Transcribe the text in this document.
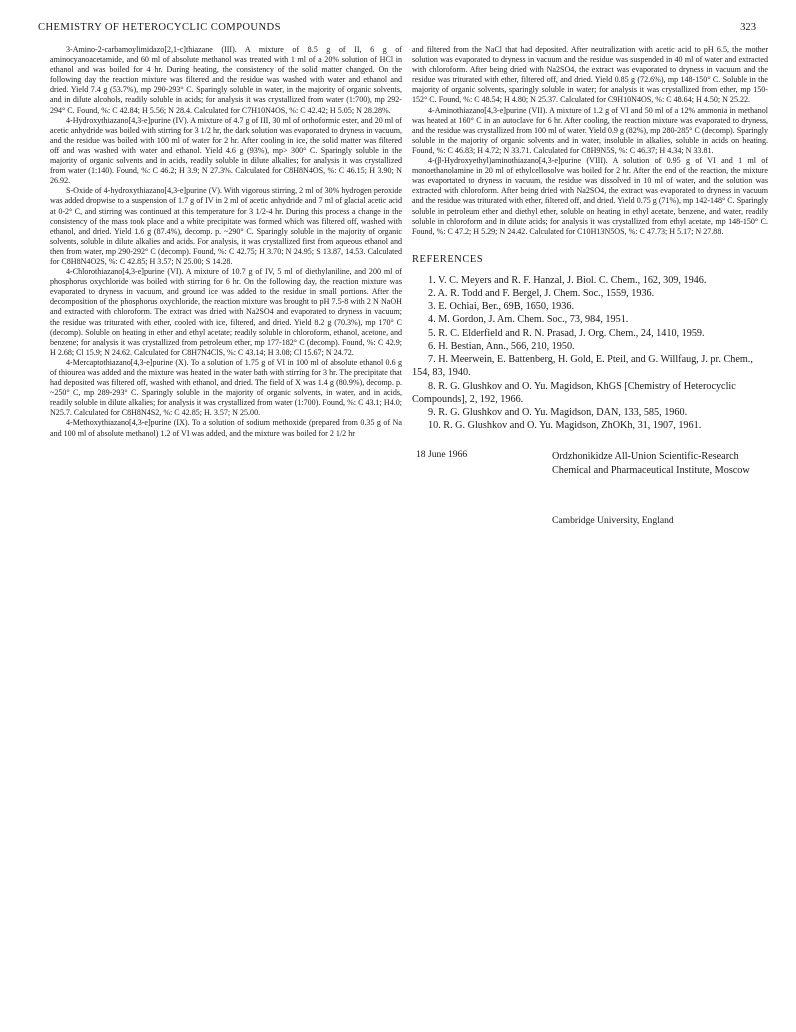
CHEMISTRY OF HETEROCYCLIC COMPOUNDS	323

3-Amino-2-carbamoylimidazo[2,1-c]thiazane (III). A mixture of 8.5 g of II, 6 g of aminocyanoacetamide, and 60 ml of absolute methanol was treated with 1 ml of a 20% solution of HCl in ethanol and was boiled for 4 hr. During heating, the consistency of the solid matter changed. On the following day the reaction mixture was filtered and the residue was washed with water and ethanol and dried. Yield 7.4 g (53.7%), mp 290-293° C. Sparingly soluble in water, in the majority of organic solvents, and in dilute alcohols, readily soluble in acids; for analysis it was crystallized from water (1:700), mp 292-294° C. Found, %: C 42.84; H 5.56; N 28.4. Calculated for C7H10N4OS, %: C 42.42; H 5.05; N 28.28%.

4-Hydroxythiazano[4,3-e]purine (IV). A mixture of 4.7 g of III, 30 ml of orthoformic ester, and 20 ml of acetic anhydride was boiled with stirring for 3 1/2 hr, the dark solution was evaporated to dryness in vacuum, and the residue was boiled with 100 ml of water for 2 hr. After cooling in ice, the solid matter was filtered off and was washed with water and ethanol. Yield 4.6 g (93%), mp> 300° C. Sparingly soluble in the majority of organic solvents and in acids, readily soluble in dilute alkalies; for analysis it was crystallized from water (1:140). Found, %: C 46.2; H 3.9; N 27.3%. Calculated for C8H8N4OS, %: C 46.15; H 3.90; N 26.92.

S-Oxide of 4-hydroxythiazano[4,3-e]purine (V). With vigorous stirring, 2 ml of 30% hydrogen peroxide was added dropwise to a suspension of 1.7 g of IV in 2 ml of acetic anhydride and 7 ml of glacial acetic acid at 0-2° C, and stirring was continued at this temperature for 3 1/2-4 hr. During this process a change in the consistency of the mass took place and a white precipitate was formed which was filtered off, washed with ethanol, and dried. Yield 1.6 g (87.4%), decomp. p. ~290° C. Sparingly soluble in the majority of organic solvents, soluble in dilute alkalies and acids. For analysis, it was crystallized first from aqueous ethanol and then from water, mp 290-292° C (decomp). Found, %: C 42.75; H 3.70; N 24.95; S 13.87, 14.53. Calculated for C8H8N4O2S, %: C 42.85; H 3.57; N 25.00; S 14.28.

4-Chlorothiazano[4,3-e]purine (VI). A mixture of 10.7 g of IV, 5 ml of diethylaniline, and 200 ml of phosphorus oxychloride was boiled with stirring for 6 hr. On the following day, the reaction mixture was evaporated to dryness in vacuum, and ground ice was added to the residue in small portions. After the decomposition of the phosphorus oxychloride, the reaction mixture was brought to pH 7.5-8 with 2 N NaOH and extracted with chloroform. The extract was dried with Na2SO4 and evaporated to dryness in vacuum; the residue was triturated with ether, cooled with ice, filtered, and dried. Yield 8.2 g (70.3%), mp 170° C (decomp). Soluble on heating in ether and ethyl acetate; readily soluble in chloroform, ethanol, acetone, and benzene; for analysis it was crystallized from petroleum ether, mp 177-182° C (decomp). Found, %: C 42.9; H 2.68; Cl 15.9; N 24.62. Calculated for C8H7N4ClS, %: C 43.14; H 3.08; Cl 15.67; N 24.72.

4-Mercaptothiazano[4,3-e]purine (X). To a solution of 1.75 g of VI in 100 ml of absolute ethanol 0.6 g of thiourea was added and the mixture was heated in the water bath with stirring for 3 hr. The precipitate that had deposited was filtered off, washed with ethanol, and dried. The field of X was 1.4 g (80.9%), decomp. p. ~250° C, mp 289-293° C. Sparingly soluble in the majority of organic solvents, in water, and in acids, readily soluble in dilute alkalies; for analysis it was crystallized from water (1:700). Found, %: C 43.1; H4.0; N25.7. Calculated for C8H8N4S2, %: C 42.85; H. 3.57; N 25.00.

4-Methoxythiazano[4,3-e]purine (IX). To a solution of sodium methoxide (prepared from 0.35 g of Na and 100 ml of absolute methanol) 1.2 of VI was added, and the mixture was boiled for 2 1/2 hr

and filtered from the NaCl that had deposited. After neutralization with acetic acid to pH 6.5, the mother solution was evaporated to dryness in vacuum and the residue was suspended in 40 ml of water and extracted with chloroform. After being dried with Na2SO4, the extract was evaporated to dryness in vacuum and the residue was triturated with ether, filtered off, and dried. Yield 0.85 g (72.6%), mp 148-150° C. Soluble in the majority of organic solvents, sparingly soluble in water; for analysis it was crystallized from ether, mp 150-152° C. Found, %: C 48.54; H 4.80; N 25.37. Calculated for C9H10N4OS, %: C 48.64; H 4.50; N 25.22.

4-Aminothiazano[4,3-e]purine (VII). A mixture of 1.2 g of VI and 50 ml of a 12% ammonia in methanol was heated at 160° C in an autoclave for 6 hr. After cooling, the reaction mixture was evaporated to dryness, and the residue was crystallized from 100 ml of water. Yield 0.9 g (82%), mp 280-285° C (decomp). Sparingly soluble in the majority of organic solvents and in water, insoluble in alkalies, soluble in acids on heating. Found, %: C 46.83; H 4.72; N 33.71. Calculated for C8H9N5S, %: C 46.37; H 4.34; N 33.81.

4-(β-Hydroxyethyl)aminothiazano[4,3-e]purine (VIII). A solution of 0.95 g of VI and 1 ml of monoethanolamine in 20 ml of ethylcellosolve was boiled for 2 hr. After the end of the reaction, the mixture was evaportated to dryness in vacuum, the residue was dissolved in 10 ml of water, and the solution was extracted with chloroform. After being dried with Na2SO4, the extract was evaporated to dryness in vacuum and the residue was triturated with ether, filtered off, and dried. Yield 0.75 g (71%), mp 142-148° C. Sparingly soluble in petroleum ether and diethyl ether, soluble on heating in ethyl acetate, benzene, and water, readily soluble in chloroform and in dilute acids; for analysis it was crystallized from ethyl acetate, mp 148-150° C. Found, %: C 47.2; H 5.29; N 24.42. Calculated for C10H13N5OS, %: C 47.73; H 5.17; N 27.88.

REFERENCES

1. V. C. Meyers and R. F. Hanzal, J. Biol. C. Chem., 162, 309, 1946.

2. A. R. Todd and F. Bergel, J. Chem. Soc., 1559, 1936.

3. E. Ochiai, Ber., 69B, 1650, 1936.

4. M. Gordon, J. Am. Chem. Soc., 73, 984, 1951.

5. R. C. Elderfield and R. N. Prasad, J. Org. Chem., 24, 1410, 1959.

6. H. Bestian, Ann., 566, 210, 1950.

7. H. Meerwein, E. Battenberg, H. Gold, E. Pteil, and G. Willfaug, J. pr. Chem., 154, 83, 1940.

8. R. G. Glushkov and O. Yu. Magidson, KhGS [Chemistry of Heterocyclic Compounds], 2, 192, 1966.

9. R. G. Glushkov and O. Yu. Magidson, DAN, 133, 585, 1960.

10. R. G. Glushkov and O. Yu. Magidson, ZhOKh, 31, 1907, 1961.

18 June 1966	Ordzhonikidze All-Union Scientific-Research Chemical and Pharmaceutical Institute, Moscow
Cambridge University, England
